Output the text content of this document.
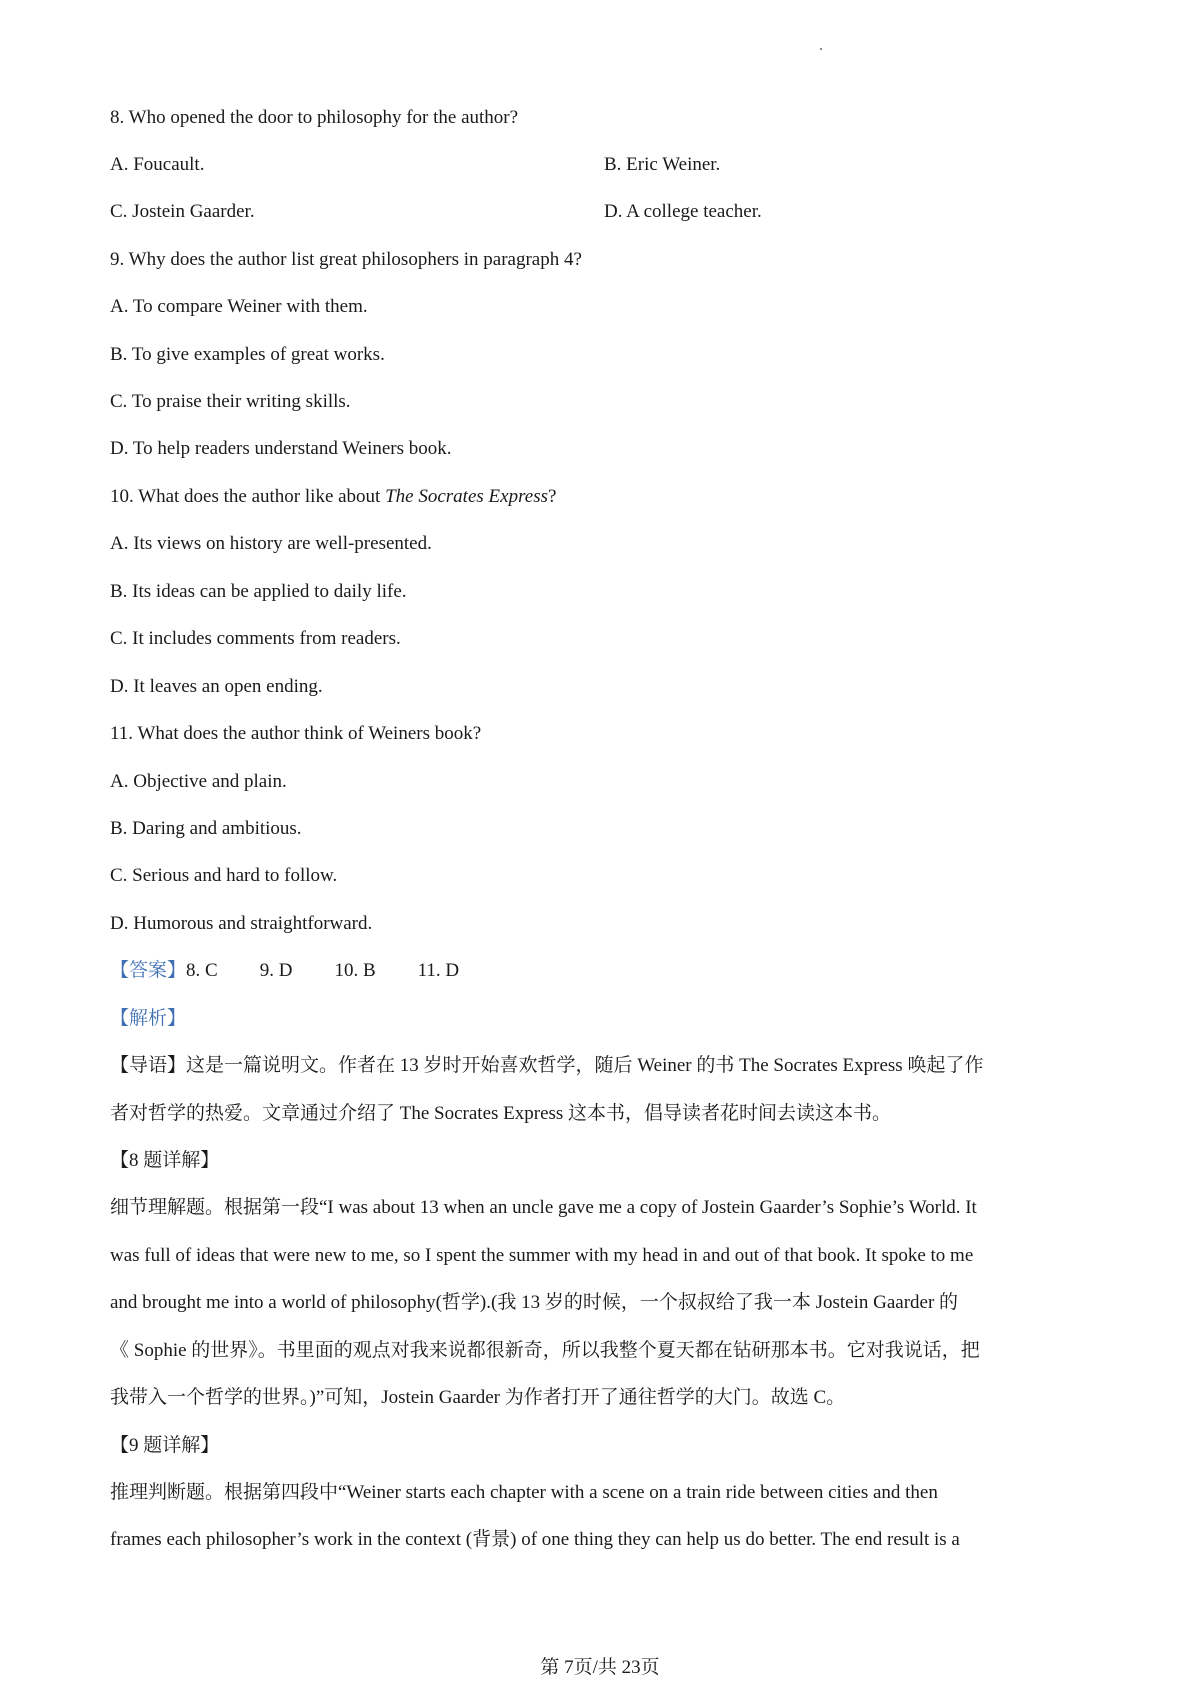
8. Who opened the door to philosophy for the author?
A. Foucault.	B. Eric Weiner.
C. Jostein Gaarder.	D. A college teacher.
9. Why does the author list great philosophers in paragraph 4?
A. To compare Weiner with them.
B. To give examples of great works.
C. To praise their writing skills.
D. To help readers understand Weiners book.
10. What does the author like about The Socrates Express?
A. Its views on history are well-presented.
B. Its ideas can be applied to daily life.
C. It includes comments from readers.
D. It leaves an open ending.
11. What does the author think of Weiners book?
A. Objective and plain.
B. Daring and ambitious.
C. Serious and hard to follow.
D. Humorous and straightforward.
【答案】8. C 9. D 10. B 11. D
【解析】
【导语】这是一篇说明文。作者在 13 岁时开始喜欢哲学，随后 Weiner 的书 The Socrates Express 唤起了作
者对哲学的热爱。文章通过介绍了 The Socrates Express 这本书，倡导读者花时间去读这本书。
【8 题详解】
细节理解题。根据第一段“I was about 13 when an uncle gave me a copy of Jostein Gaarder’s Sophie’s World. It
was full of ideas that were new to me, so I spent the summer with my head in and out of that book. It spoke to me
and brought me into a world of philosophy(哲学).(我 13 岁的时候，一个叔叔给了我一本 Jostein Gaarder 的
《 Sophie 的世界》。书里面的观点对我来说都很新奇，所以我整个夏天都在钻研那本书。它对我说话，把
我带入一个哲学的世界。)”可知，Jostein Gaarder 为作者打开了通往哲学的大门。故选 C。
【9 题详解】
推理判断题。根据第四段中“Weiner starts each chapter with a scene on a train ride between cities and then
frames each philosopher’s work in the context (背景) of one thing they can help us do better. The end result is a
第 7页/共 23页
